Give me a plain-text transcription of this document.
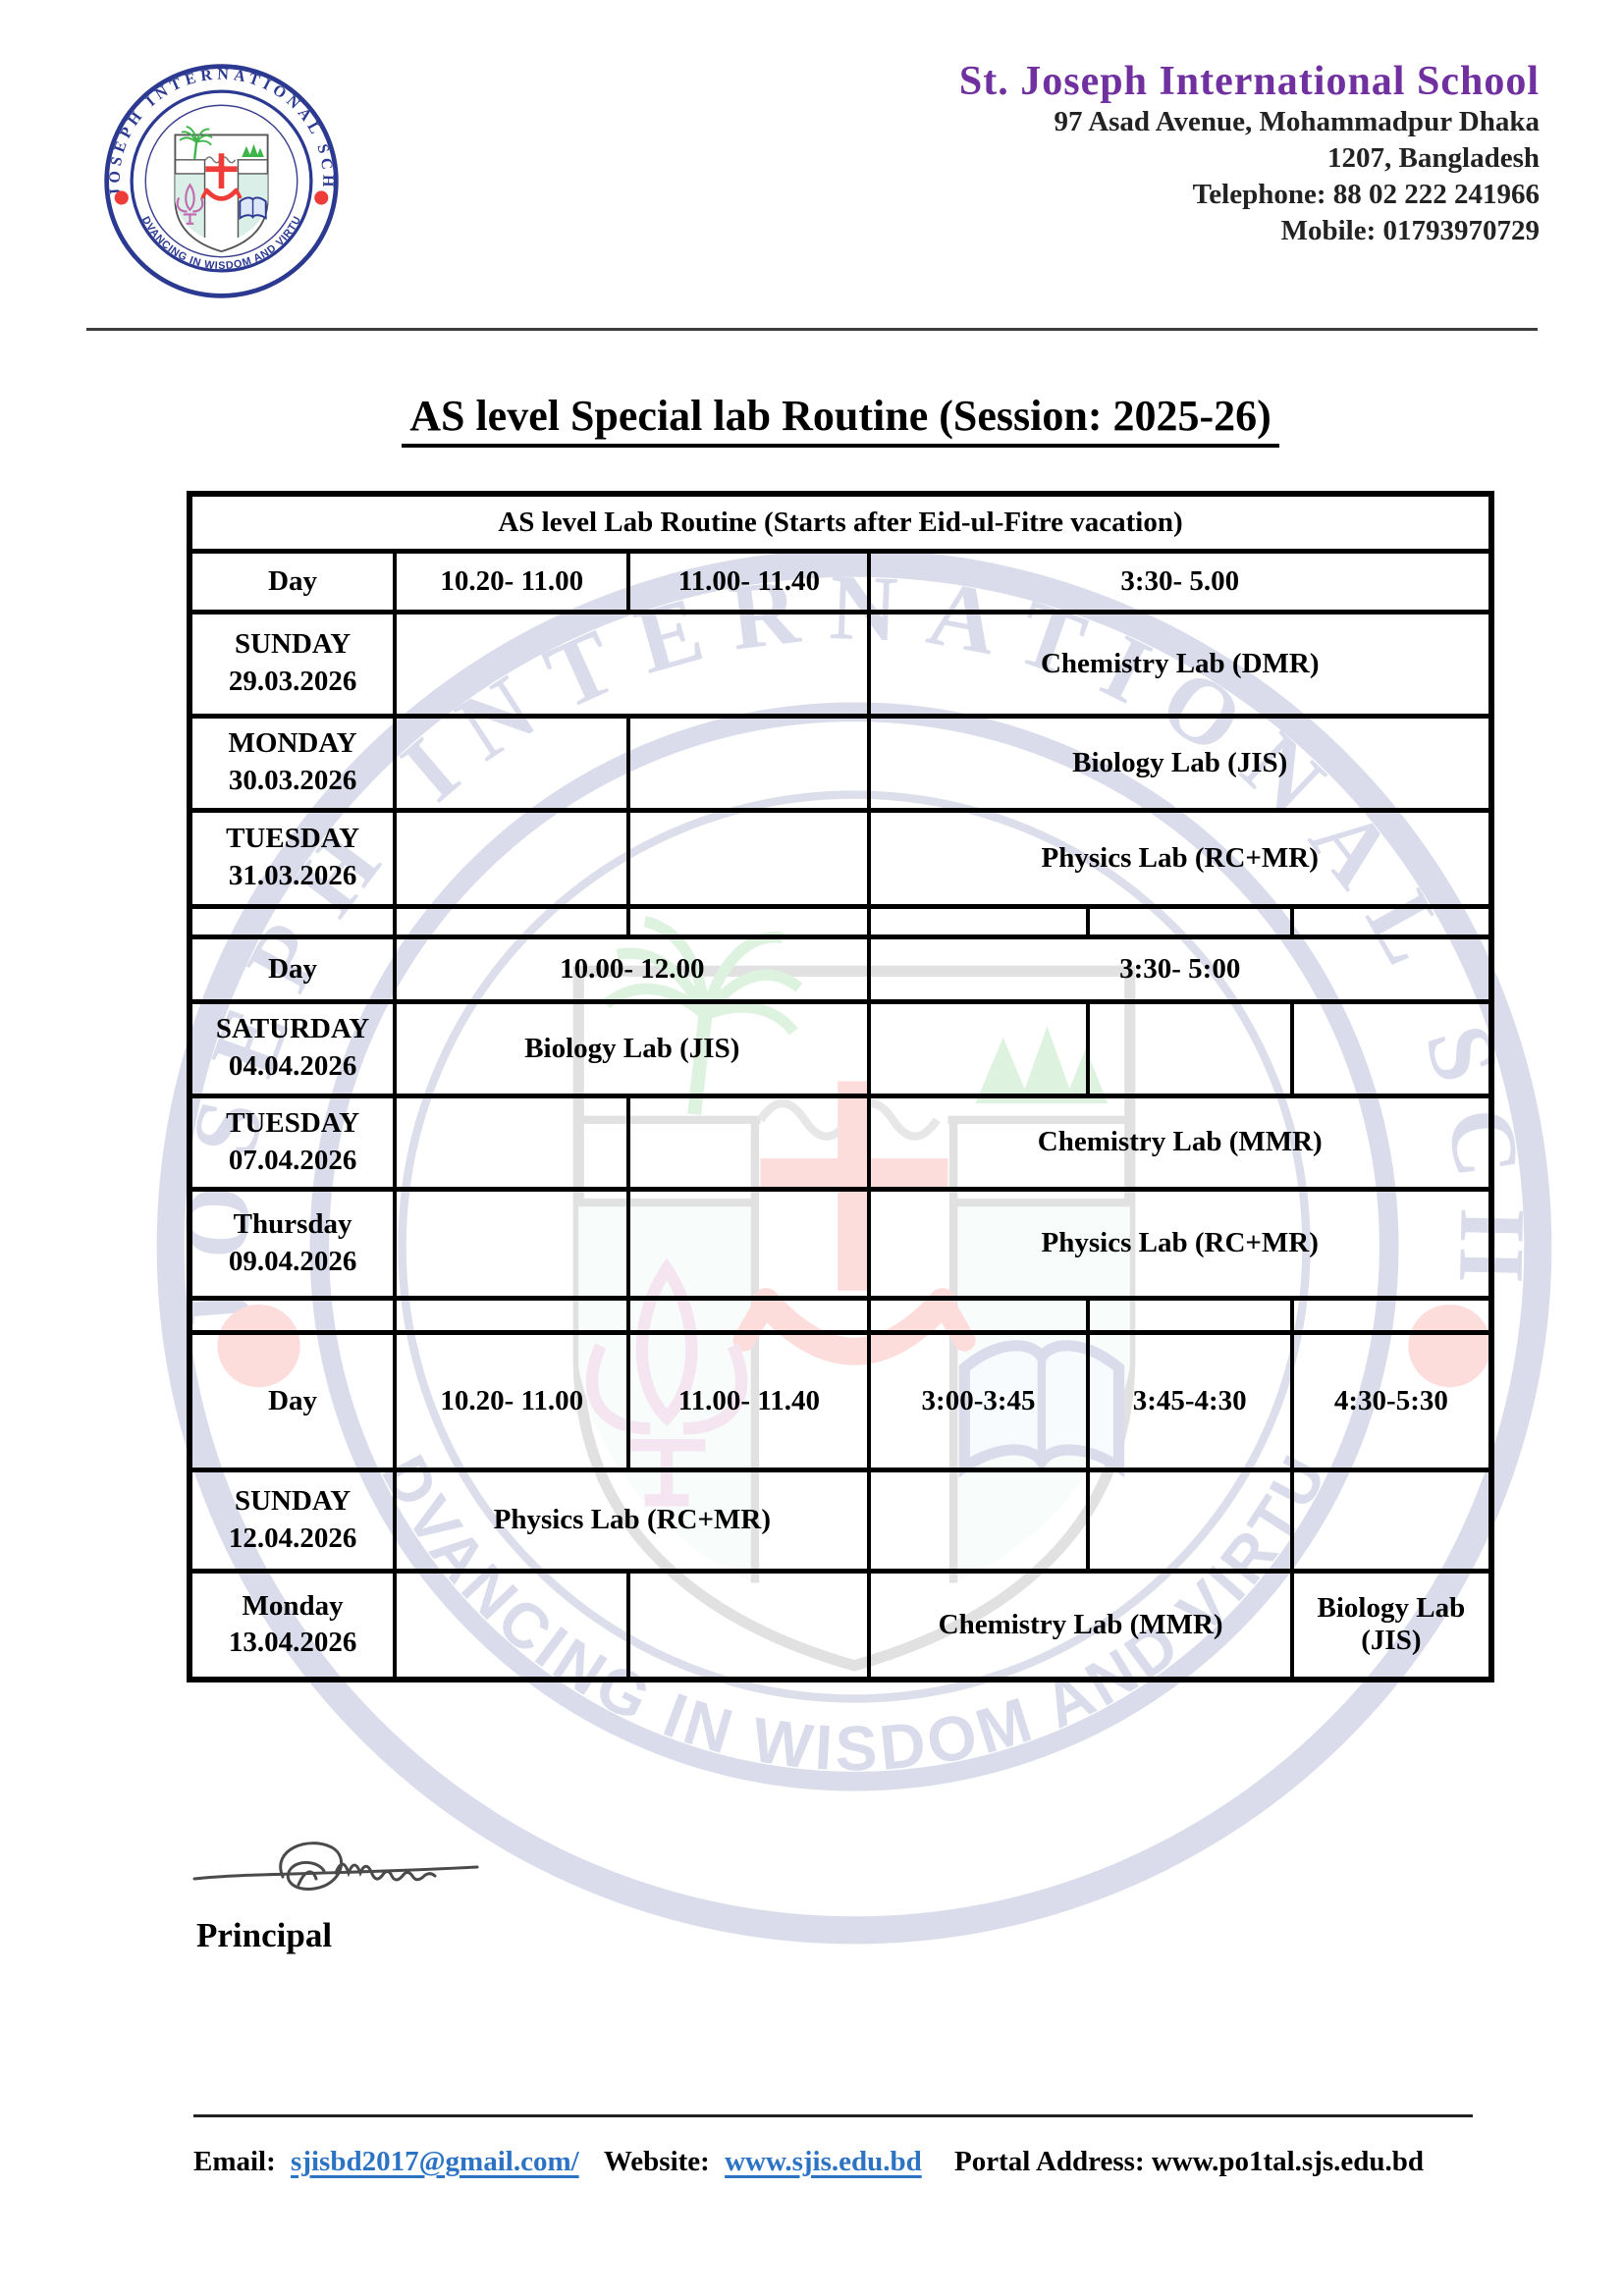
St. Joseph International School
97 Asad Avenue, Mohammadpur Dhaka
1207, Bangladesh
Telephone: 88 02 222 241966
Mobile: 01793970729
AS level Special lab Routine (Session: 2025-26)
AS level Lab Routine (Starts after Eid-ul-Fitre vacation)					
Day	10.20- 11.00	11.00- 11.40	3:30- 5.00		
SUNDAY
29.03.2026			Chemistry Lab (DMR)		
MONDAY
30.03.2026			Biology Lab (JIS)		
TUESDAY
31.03.2026			Physics Lab (RC+MR)		

Day	10.00- 12.00		3:30- 5:00		
SATURDAY
04.04.2026	Biology Lab (JIS)				
TUESDAY
07.04.2026			Chemistry Lab (MMR)		
Thursday
09.04.2026			Physics Lab (RC+MR)		

Day	10.20- 11.00	11.00- 11.40	3:00-3:45	3:45-4:30	4:30-5:30
SUNDAY
12.04.2026	Physics Lab (RC+MR)				
Monday
13.04.2026			Chemistry Lab (MMR)		Biology Lab (JIS)
Principal
Email: sjisbd2017@gmail.com/ Website: www.sjis.edu.bd Portal Address: www.po1tal.sjs.edu.bd
